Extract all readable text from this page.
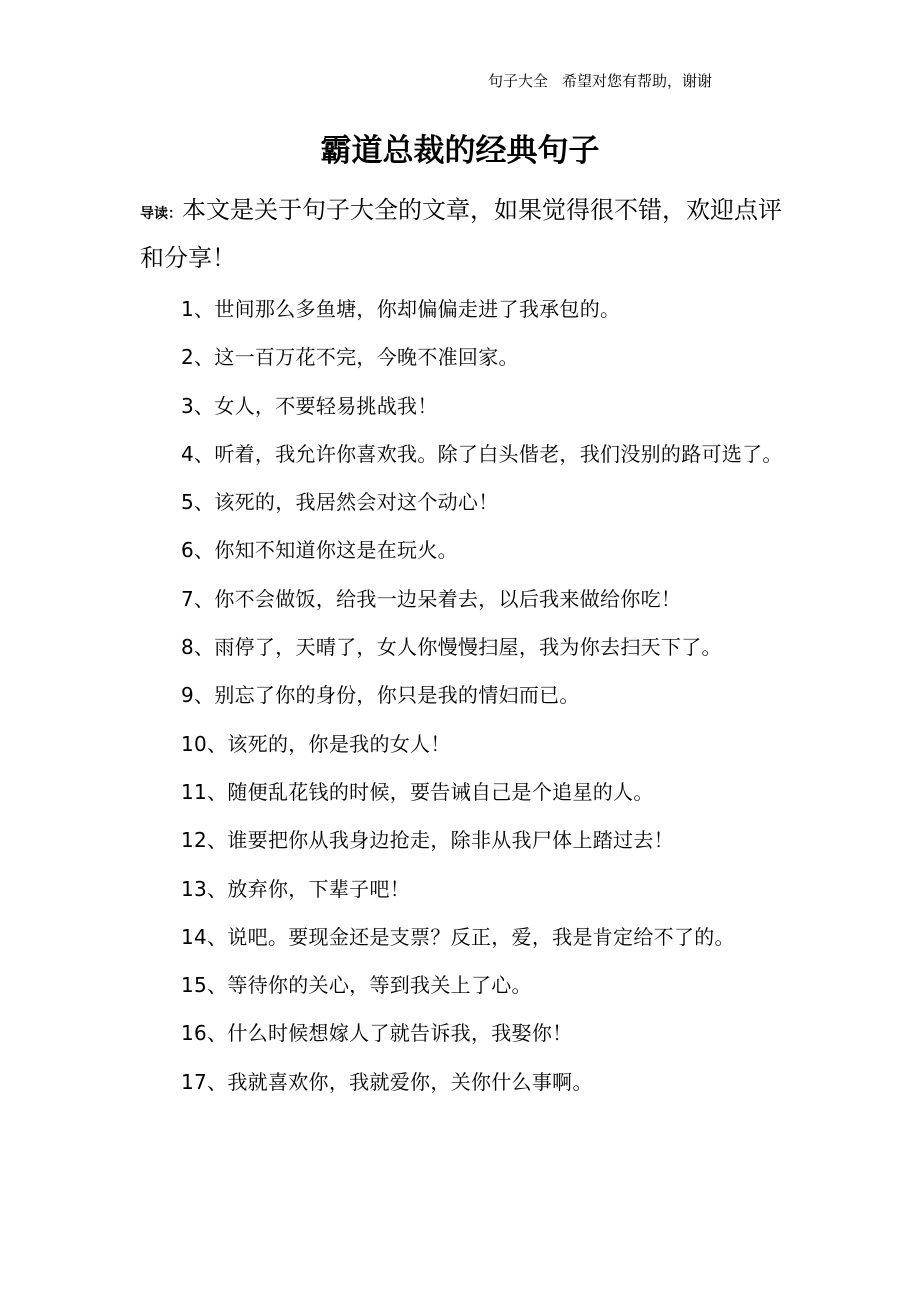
句子大全 希望对您有帮助，谢谢
霸道总裁的经典句子
导读：本文是关于句子大全的文章，如果觉得很不错，欢迎点评和分享！
1、世间那么多鱼塘，你却偏偏走进了我承包的。
2、这一百万花不完，今晚不准回家。
3、女人，不要轻易挑战我！
4、听着，我允许你喜欢我。除了白头偕老，我们没别的路可选了。
5、该死的，我居然会对这个动心！
6、你知不知道你这是在玩火。
7、你不会做饭，给我一边呆着去，以后我来做给你吃！
8、雨停了，天晴了，女人你慢慢扫屋，我为你去扫天下了。
9、别忘了你的身份，你只是我的情妇而已。
10、该死的，你是我的女人！
11、随便乱花钱的时候，要告诫自己是个追星的人。
12、谁要把你从我身边抢走，除非从我尸体上踏过去！
13、放弃你，下辈子吧！
14、说吧。要现金还是支票？反正，爱，我是肯定给不了的。
15、等待你的关心，等到我关上了心。
16、什么时候想嫁人了就告诉我，我娶你！
17、我就喜欢你，我就爱你，关你什么事啊。
